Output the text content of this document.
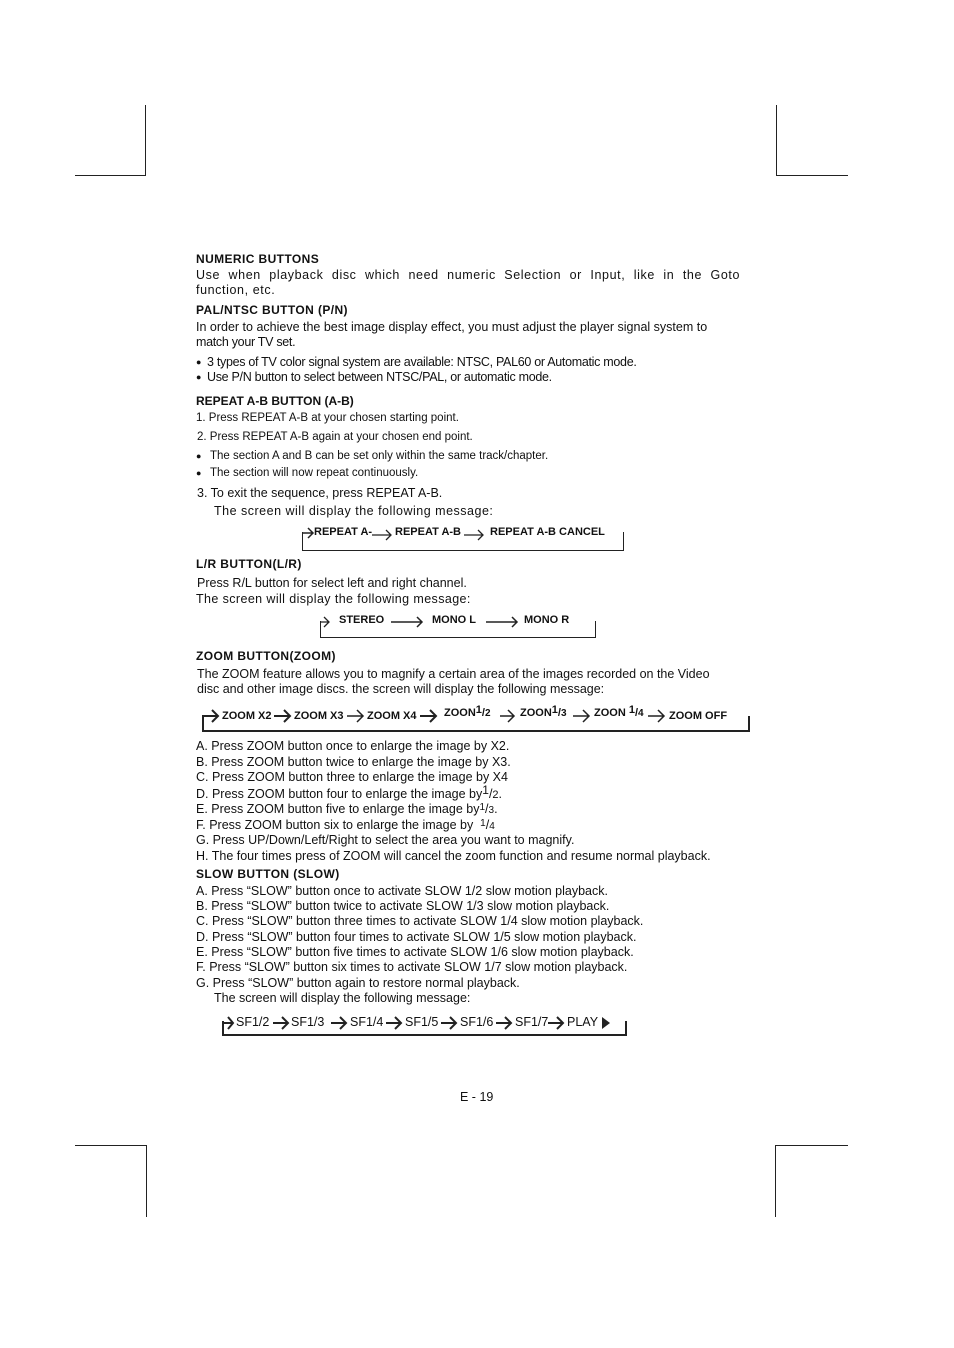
NUMERIC BUTTONS
Use when playback disc which need numeric Selection or Input, like in the Goto
function, etc.
PAL/NTSC BUTTON (P/N)
In order to achieve the best image display effect, you must adjust the player signal system to
match your TV set.
● 3 types of TV color signal system are available: NTSC, PAL60 or Automatic mode.
● Use P/N button to select between NTSC/PAL, or automatic mode.
REPEAT A-B BUTTON (A-B)
1. Press REPEAT A-B at your chosen starting point.
2. Press REPEAT A-B again at your chosen end point.
● The section A and B can be set only within the same track/chapter.
● The section will now repeat continuously.
3. To exit the sequence, press REPEAT A-B.
The screen will display the following message:
REPEAT A- REPEAT A-B	REPEAT A-B CANCEL
L/R BUTTON(L/R)
Press R/L button for select left and right channel.
The screen will display the following message:
STEREO	MONO L	MONO R
ZOOM BUTTON(ZOOM)
The ZOOM feature allows you to magnify a certain area of the images recorded on the Video
disc and other image discs. the screen will display the following message:
ZOOM X2 ZOOM X3 ZOOM X4 ZOON1/2	ZOON1/3 ZOON 1/4 ZOOM OFF
A. Press ZOOM button once to enlarge the image by X2.
B. Press ZOOM button twice to enlarge the image by X3.
C. Press ZOOM button three to enlarge the image by X4
D. Press ZOOM button four to enlarge the image by1/2.
E. Press ZOOM button five to enlarge the image $by^1/3$.
F. Press ZOOM button six to enlarge the image by $^1$/4
G. Press UP/Down/Left/Right to select the area you want to magnify.
H. The four times press of ZOOM will cancel the zoom function and resume normal playback.
SLOW BUTTON (SLOW)
A. Press “SLOW” button once to activate SLOW 1/2 slow motion playback.
B. Press “SLOW” button twice to activate SLOW 1/3 slow motion playback.
C. Press “SLOW” button three times to activate SLOW 1/4 slow motion playback.
D. Press “SLOW” button four times to activate SLOW 1/5 slow motion playback.
E. Press “SLOW” button five times to activate SLOW 1/6 slow motion playback.
F. Press “SLOW” button six times to activate SLOW 1/7 slow motion playback.
G. Press “SLOW” button again to restore normal playback.
The screen will display the following message:
SF1/2 SF1/3 SF1/4 SF1/5 SF1/6 SF1/7 PLAY
E - 19
